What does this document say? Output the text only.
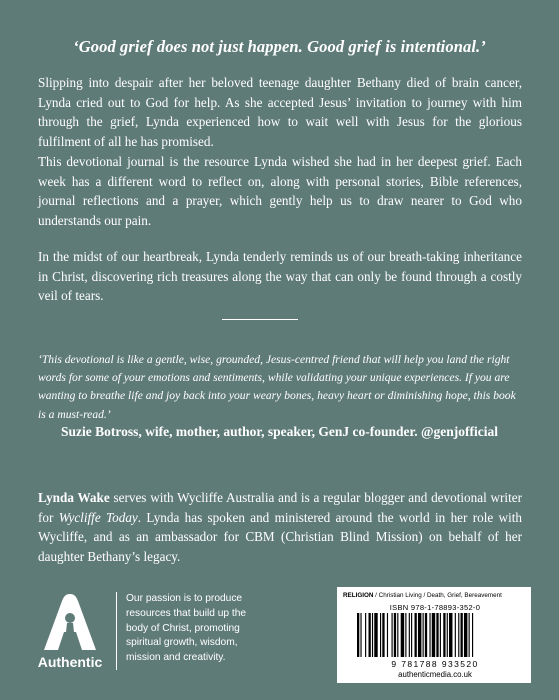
‘Good grief does not just happen. Good grief is intentional.’

Slipping into despair after her beloved teenage daughter Bethany died of brain cancer, Lynda cried out to God for help. As she accepted Jesus’ invitation to journey with him through the grief, Lynda experienced how to wait well with Jesus for the glorious fulfilment of all he has promised.

This devotional journal is the resource Lynda wished she had in her deepest grief. Each week has a different word to reflect on, along with personal stories, Bible references, journal reflections and a prayer, which gently help us to draw nearer to God who understands our pain.

In the midst of our heartbreak, Lynda tenderly reminds us of our breath-taking inheritance in Christ, discovering rich treasures along the way that can only be found through a costly veil of tears.

‘This devotional is like a gentle, wise, grounded, Jesus-centred friend that will help you land the right words for some of your emotions and sentiments, while validating your unique experiences. If you are wanting to breathe life and joy back into your weary bones, heavy heart or diminishing hope, this book is a must-read.’

Suzie Botross, wife, mother, author, speaker, GenJ co-founder. @genjofficial

Lynda Wake serves with Wycliffe Australia and is a regular blogger and devotional writer for Wycliffe Today. Lynda has spoken and ministered around the world in her role with Wycliffe, and as an ambassador for CBM (Christian Blind Mission) on behalf of her daughter Bethany’s legacy.

Authentic

Our passion is to produce resources that build up the body of Christ, promoting spiritual growth, wisdom, mission and creativity.

RELIGION / Christian Living / Death, Grief, Bereavement
ISBN 978-1-78893-352-0
9 781788 933520
authenticmedia.co.uk
